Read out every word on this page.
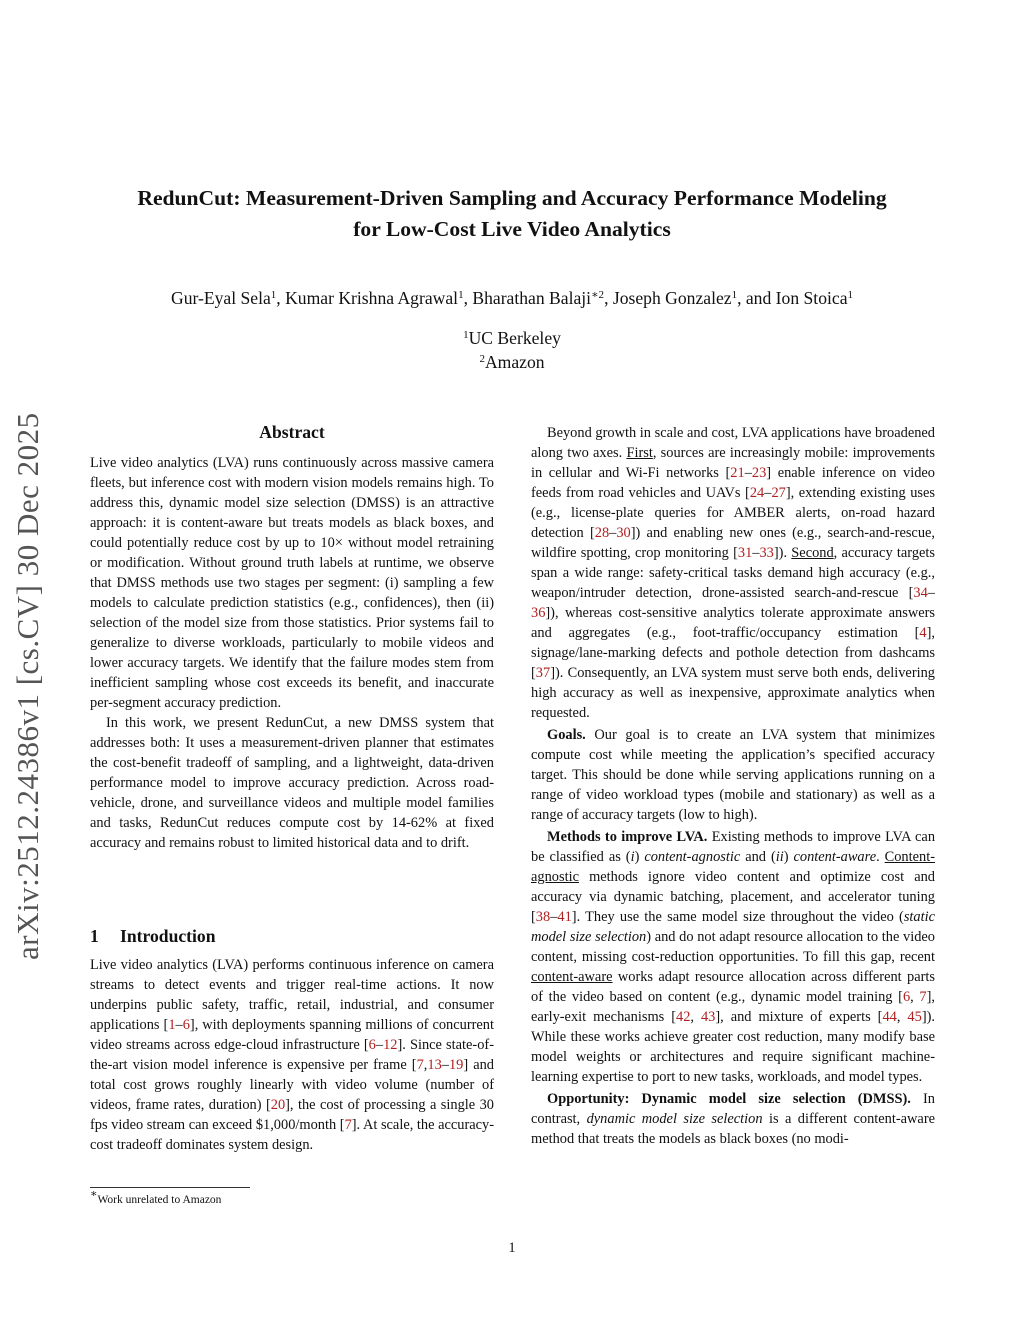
arXiv:2512.24386v1 [cs.CV] 30 Dec 2025
RedunCut: Measurement-Driven Sampling and Accuracy Performance Modeling
for Low-Cost Live Video Analytics
Gur-Eyal Sela$^1$, Kumar Krishna Agrawal$^1$, Bharathan Balaji$^{∗2}$, Joseph Gonzalez$^1$, and Ion Stoica$^1$
$^1$UC Berkeley
$^2$Amazon
Abstract

Live video analytics (LVA) runs continuously across massive camera fleets, but inference cost with modern vision models remains high. To address this, dynamic model size selection (DMSS) is an attractive approach: it is content-aware but treats models as black boxes, and could potentially reduce cost by up to 10× without model retraining or modification. Without ground truth labels at runtime, we observe that DMSS methods use two stages per segment: (i) sampling a few models to calculate prediction statistics (e.g., confidences), then (ii) selection of the model size from those statistics. Prior systems fail to generalize to diverse workloads, particularly to mobile videos and lower accuracy targets. We identify that the failure modes stem from inefficient sampling whose cost exceeds its benefit, and inaccurate per-segment accuracy prediction.

In this work, we present RedunCut, a new DMSS system that addresses both: It uses a measurement-driven planner that estimates the cost-benefit tradeoff of sampling, and a lightweight, data-driven performance model to improve accuracy prediction. Across road-vehicle, drone, and surveillance videos and multiple model families and tasks, RedunCut reduces compute cost by 14-62% at fixed accuracy and remains robust to limited historical data and to drift.

1 Introduction

Live video analytics (LVA) performs continuous inference on camera streams to detect events and trigger real-time actions. It now underpins public safety, traffic, retail, industrial, and consumer applications [1–6], with deployments spanning millions of concurrent video streams across edge-cloud infrastructure [6–12]. Since state-of-the-art vision model inference is expensive per frame [7,13–19] and total cost grows roughly linearly with video volume (number of videos, frame rates, duration) [20], the cost of processing a single 30 fps video stream can exceed $1,000/month [7]. At scale, the accuracy-cost tradeoff dominates system design.

∗Work unrelated to Amazon

Beyond growth in scale and cost, LVA applications have broadened along two axes. First, sources are increasingly mobile: improvements in cellular and Wi-Fi networks [21–23] enable inference on video feeds from road vehicles and UAVs [24–27], extending existing uses (e.g., license-plate queries for AMBER alerts, on-road hazard detection [28–30]) and enabling new ones (e.g., search-and-rescue, wildfire spotting, crop monitoring [31–33]). Second, accuracy targets span a wide range: safety-critical tasks demand high accuracy (e.g., weapon/intruder detection, drone-assisted search-and-rescue [34–36]), whereas cost-sensitive analytics tolerate approximate answers and aggregates (e.g., foot-traffic/occupancy estimation [4], signage/lane-marking defects and pothole detection from dashcams [37]). Consequently, an LVA system must serve both ends, delivering high accuracy as well as inexpensive, approximate analytics when requested.

Goals. Our goal is to create an LVA system that minimizes compute cost while meeting the application’s specified accuracy target. This should be done while serving applications running on a range of video workload types (mobile and stationary) as well as a range of accuracy targets (low to high).

Methods to improve LVA. Existing methods to improve LVA can be classified as (i) content-agnostic and (ii) content-aware. Content-agnostic methods ignore video content and optimize cost and accuracy via dynamic batching, placement, and accelerator tuning [38–41]. They use the same model size throughout the video (static model size selection) and do not adapt resource allocation to the video content, missing cost-reduction opportunities. To fill this gap, recent content-aware works adapt resource allocation across different parts of the video based on content (e.g., dynamic model training [6, 7], early-exit mechanisms [42, 43], and mixture of experts [44, 45]). While these works achieve greater cost reduction, many modify base model weights or architectures and require significant machine-learning expertise to port to new tasks, workloads, and model types.

Opportunity: Dynamic model size selection (DMSS). In contrast, dynamic model size selection is a different content-aware method that treats the models as black boxes (no modi-

1
